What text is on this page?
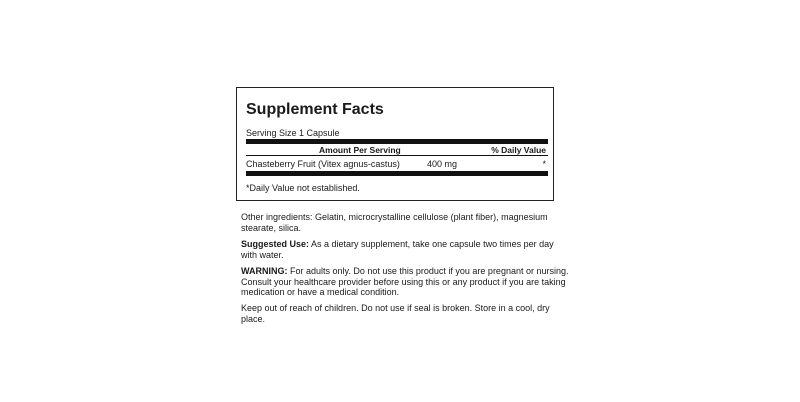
Supplement Facts
Serving Size 1 Capsule
Amount Per Serving	% Daily Value
Chasteberry Fruit (Vitex agnus-castus)	400 mg	*
*Daily Value not established.

Other ingredients: Gelatin, microcrystalline cellulose (plant fiber), magnesium stearate, silica.

Suggested Use: As a dietary supplement, take one capsule two times per day with water.

WARNING: For adults only. Do not use this product if you are pregnant or nursing. Consult your healthcare provider before using this or any product if you are taking medication or have a medical condition.

Keep out of reach of children. Do not use if seal is broken. Store in a cool, dry place.
